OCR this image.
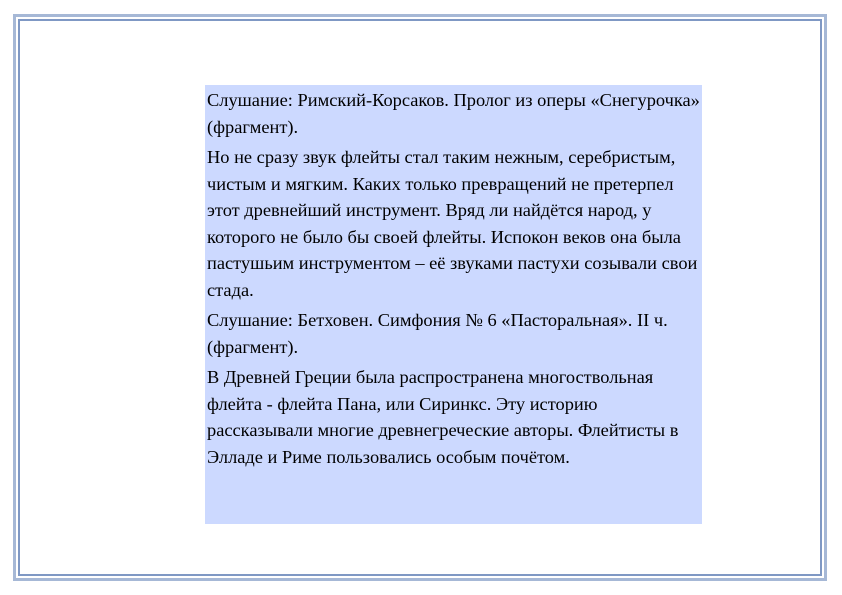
Слушание: Римский-Корсаков. Пролог из оперы «Снегурочка» (фрагмент).

Но не сразу звук флейты стал таким нежным, серебристым, чистым и мягким. Каких только превращений не претерпел этот древнейший инструмент. Вряд ли найдётся народ, у которого не было бы своей флейты. Испокон веков она была пастушьим инструментом – её звуками пастухи созывали свои стада.

Слушание: Бетховен. Симфония № 6 «Пасторальная». II ч. (фрагмент).

В Древней Греции была распространена многоствольная флейта - флейта Пана, или Сиринкс. Эту историю рассказывали многие древнегреческие авторы. Флейтисты в Элладе и Риме пользовались особым почётом.
